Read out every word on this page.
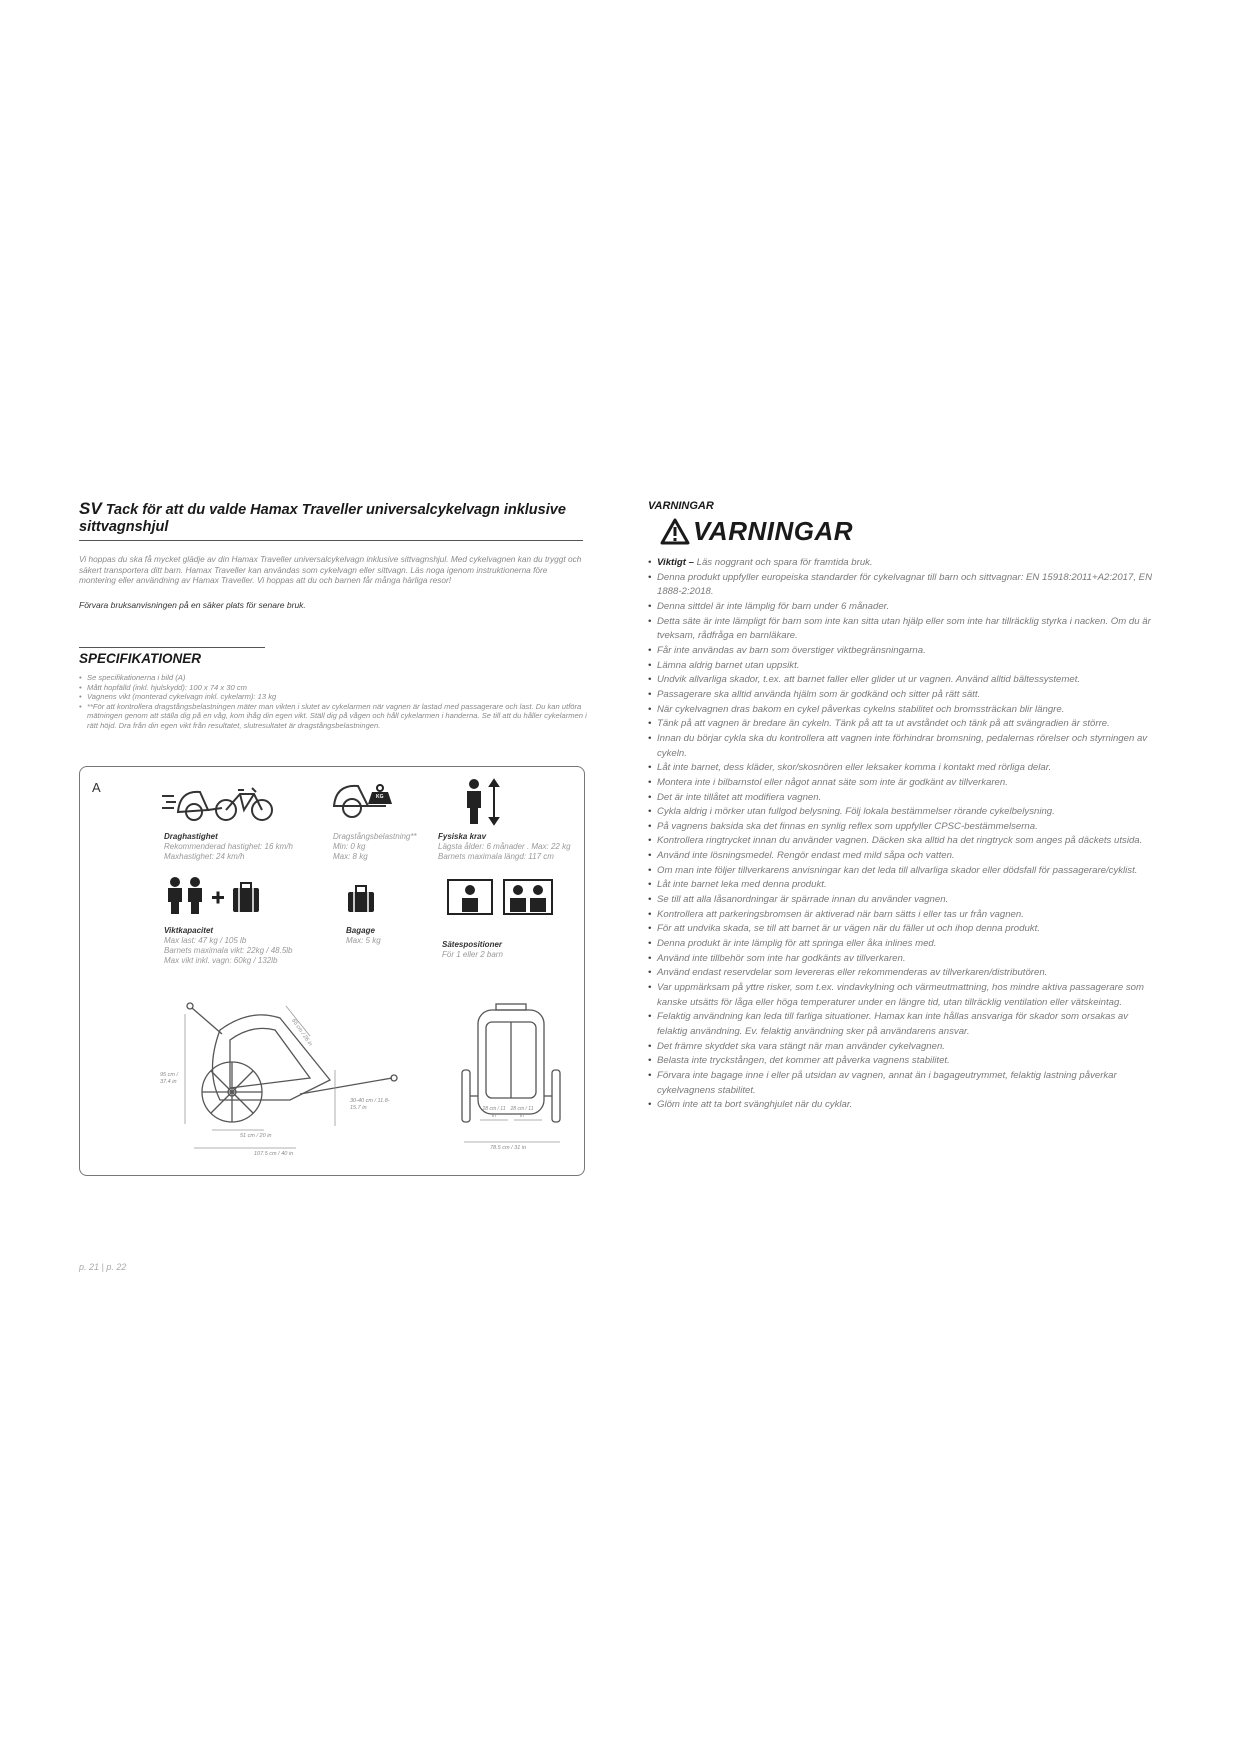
SV Tack för att du valde Hamax Traveller universalcykelvagn inklusive sittvagnshjul
Vi hoppas du ska få mycket glädje av din Hamax Traveller universalcykelvagn inklusive sittvagnshjul. Med cykelvagnen kan du tryggt och säkert transportera ditt barn. Hamax Traveller kan användas som cykelvagn eller sittvagn. Läs noga igenom instruktionerna före montering eller användning av Hamax Traveller. Vi hoppas att du och barnen får många härliga resor!
Förvara bruksanvisningen på en säker plats för senare bruk.
SPECIFIKATIONER
• Se specifikationerna i bild (A)
• Mått hopfälld (inkl. hjulskydd): 100 x 74 x 30 cm
• Vagnens vikt (monterad cykelvagn inkl. cykelarm): 13 kg
• **För att kontrollera dragstångsbelastningen mäter man vikten i slutet av cykelarmen när vagnen är lastad med passagerare och last. Du kan utföra mätningen genom att ställa dig på en våg, kom ihåg din egen vikt. Ställ dig på vågen och håll cykelarmen i handerna. Se till att du håller cykelarmen i rätt höjd. Dra från din egen vikt från resultatet, slutresultatet är dragstångsbelastningen.
A
KG
Draghastighet
Rekommenderad hastighet: 16 km/h
Maxhastighet: 24 km/h
Dragstångsbelastning**
Min: 0 kg
Max: 8 kg
Fysiska krav
Lägsta ålder: 6 månader . Max: 22 kg
Barnets maximala längd: 117 cm
Viktkapacitet
Max last: 47 kg / 105 lb
Barnets maximala vikt: 22kg / 48.5lb
Max vikt inkl. vagn: 60kg / 132lb
Bagage
Max: 5 kg	Sätespositioner
För 1 eller 2 barn
95 cm / 37.4 in
65 cm / 26 in
30-40 cm / 11.8-15.7 in
51 cm / 20 in
107.5 cm / 40 in
28 cm / 11 in
28 cm / 11 in
78.5 cm / 31 in
VARNINGAR
VARNINGAR
• Viktigt – Läs noggrant och spara för framtida bruk.
• Denna produkt uppfyller europeiska standarder för cykelvagnar till barn och sittvagnar: EN 15918:2011+A2:2017, EN 1888-2:2018.
• Denna sittdel är inte lämplig för barn under 6 månader.
• Detta säte är inte lämpligt för barn som inte kan sitta utan hjälp eller som inte har tillräcklig styrka i nacken. Om du är tveksam, rådfråga en barnläkare.
• Får inte användas av barn som överstiger viktbegränsningarna.
• Lämna aldrig barnet utan uppsikt.
• Undvik allvarliga skador, t.ex. att barnet faller eller glider ut ur vagnen. Använd alltid bältessystemet.
• Passagerare ska alltid använda hjälm som är godkänd och sitter på rätt sätt.
• När cykelvagnen dras bakom en cykel påverkas cykelns stabilitet och bromssträckan blir längre.
• Tänk på att vagnen är bredare än cykeln. Tänk på att ta ut avståndet och tänk på att svängradien är större.
• Innan du börjar cykla ska du kontrollera att vagnen inte förhindrar bromsning, pedalernas rörelser och styrningen av cykeln.
• Låt inte barnet, dess kläder, skor/skosnören eller leksaker komma i kontakt med rörliga delar.
• Montera inte i bilbarnstol eller något annat säte som inte är godkänt av tillverkaren.
• Det är inte tillåtet att modifiera vagnen.
• Cykla aldrig i mörker utan fullgod belysning. Följ lokala bestämmelser rörande cykelbelysning.
• På vagnens baksida ska det finnas en synlig reflex som uppfyller CPSC-bestämmelserna.
• Kontrollera ringtrycket innan du använder vagnen. Däcken ska alltid ha det ringtryck som anges på däckets utsida.
• Använd inte lösningsmedel. Rengör endast med mild såpa och vatten.
• Om man inte följer tillverkarens anvisningar kan det leda till allvarliga skador eller dödsfall för passagerare/cyklist.
• Låt inte barnet leka med denna produkt.
• Se till att alla låsanordningar är spärrade innan du använder vagnen.
• Kontrollera att parkeringsbromsen är aktiverad när barn sätts i eller tas ur från vagnen.
• För att undvika skada, se till att barnet är ur vägen när du fäller ut och ihop denna produkt.
• Denna produkt är inte lämplig för att springa eller åka inlines med.
• Använd inte tillbehör som inte har godkänts av tillverkaren.
• Använd endast reservdelar som levereras eller rekommenderas av tillverkaren/distributören.
• Var uppmärksam på yttre risker, som t.ex. vindavkylning och värmeutmattning, hos mindre aktiva passagerare som kanske utsätts för låga eller höga temperaturer under en längre tid, utan tillräcklig ventilation eller vätskeintag.
• Felaktig användning kan leda till farliga situationer. Hamax kan inte hållas ansvariga för skador som orsakas av felaktig användning. Ev. felaktig användning sker på användarens ansvar.
• Det främre skyddet ska vara stängt när man använder cykelvagnen.
• Belasta inte tryckstången, det kommer att påverka vagnens stabilitet.
• Förvara inte bagage inne i eller på utsidan av vagnen, annat än i bagageutrymmet, felaktig lastning påverkar cykelvagnens stabilitet.
• Glöm inte att ta bort svänghjulet när du cyklar.
p. 21 | p. 22
